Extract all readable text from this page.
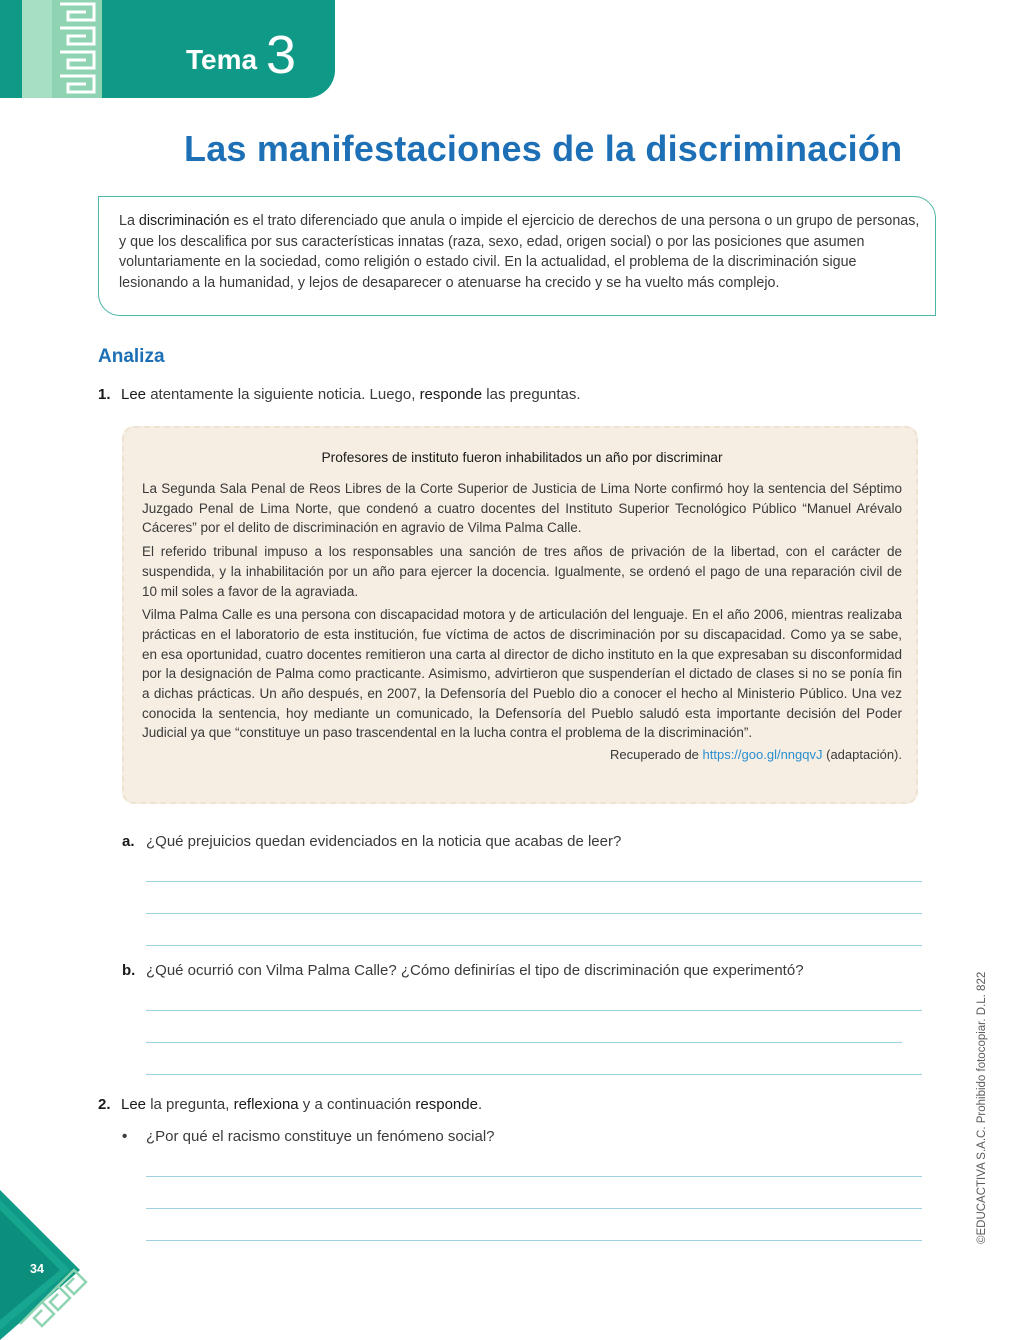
Tema 3
Las manifestaciones de la discriminación
La discriminación es el trato diferenciado que anula o impide el ejercicio de derechos de una persona o un grupo de personas, y que los descalifica por sus características innatas (raza, sexo, edad, origen social) o por las posiciones que asumen voluntariamente en la sociedad, como religión o estado civil. En la actualidad, el problema de la discriminación sigue lesionando a la humanidad, y lejos de desaparecer o atenuarse ha crecido y se ha vuelto más complejo.
Analiza
1. Lee atentamente la siguiente noticia. Luego, responde las preguntas.
Profesores de instituto fueron inhabilitados un año por discriminar

La Segunda Sala Penal de Reos Libres de la Corte Superior de Justicia de Lima Norte confirmó hoy la sentencia del Séptimo Juzgado Penal de Lima Norte, que condenó a cuatro docentes del Instituto Superior Tecnológico Público “Manuel Arévalo Cáceres” por el delito de discriminación en agravio de Vilma Palma Calle.

El referido tribunal impuso a los responsables una sanción de tres años de privación de la libertad, con el carácter de suspendida, y la inhabilitación por un año para ejercer la docencia. Igualmente, se ordenó el pago de una reparación civil de 10 mil soles a favor de la agraviada.

Vilma Palma Calle es una persona con discapacidad motora y de articulación del lenguaje. En el año 2006, mientras realizaba prácticas en el laboratorio de esta institución, fue víctima de actos de discriminación por su discapacidad. Como ya se sabe, en esa oportunidad, cuatro docentes remitieron una carta al director de dicho instituto en la que expresaban su disconformidad por la designación de Palma como practicante. Asimismo, advirtieron que suspenderían el dictado de clases si no se ponía fin a dichas prácticas. Un año después, en 2007, la Defensoría del Pueblo dio a conocer el hecho al Ministerio Público. Una vez conocida la sentencia, hoy mediante un comunicado, la Defensoría del Pueblo saludó esta importante decisión del Poder Judicial ya que “constituye un paso trascendental en la lucha contra el problema de la discriminación”.

Recuperado de https://goo.gl/nngqvJ (adaptación).
a. ¿Qué prejuicios quedan evidenciados en la noticia que acabas de leer?
b. ¿Qué ocurrió con Vilma Palma Calle? ¿Cómo definirías el tipo de discriminación que experimentó?
2. Lee la pregunta, reflexiona y a continuación responde.
• ¿Por qué el racismo constituye un fenómeno social?	©EDUCACTIVA S.A.C. Prohibido fotocopiar. D.L. 822
34
